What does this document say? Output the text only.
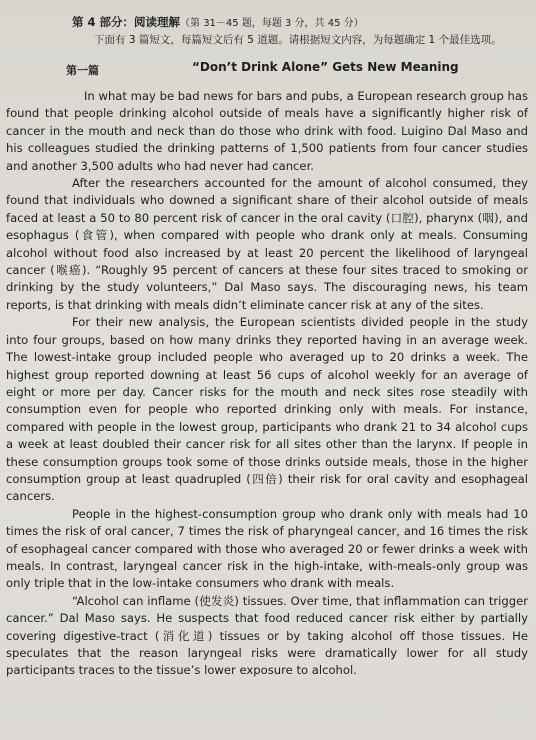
第 4 部分：阅读理解（第 31－45 题，每题 3 分，共 45 分）
下面有 3 篇短文，每篇短文后有 5 道题。请根据短文内容，为每题确定 1 个最佳选项。
第一篇	“Don’t Drink Alone” Gets New Meaning

In what may be bad news for bars and pubs, a European research group has found that people drinking alcohol outside of meals have a significantly higher risk of cancer in the mouth and neck than do those who drink with food. Luigino Dal Maso and his colleagues studied the drinking patterns of 1,500 patients from four cancer studies and another 3,500 adults who had never had cancer.

After the researchers accounted for the amount of alcohol consumed, they found that individuals who downed a significant share of their alcohol outside of meals faced at least a 50 to 80 percent risk of cancer in the oral cavity (口腔), pharynx (咽), and esophagus (食管), when compared with people who drank only at meals. Consuming alcohol without food also increased by at least 20 percent the likelihood of laryngeal cancer (喉癌). “Roughly 95 percent of cancers at these four sites traced to smoking or drinking by the study volunteers,” Dal Maso says. The discouraging news, his team reports, is that drinking with meals didn’t eliminate cancer risk at any of the sites.

For their new analysis, the European scientists divided people in the study into four groups, based on how many drinks they reported having in an average week. The lowest-intake group included people who averaged up to 20 drinks a week. The highest group reported downing at least 56 cups of alcohol weekly for an average of eight or more per day. Cancer risks for the mouth and neck sites rose steadily with consumption even for people who reported drinking only with meals. For instance, compared with people in the lowest group, participants who drank 21 to 34 alcohol cups a week at least doubled their cancer risk for all sites other than the larynx. If people in these consumption groups took some of those drinks outside meals, those in the higher consumption group at least quadrupled (四倍) their risk for oral cavity and esophageal cancers.

People in the highest-consumption group who drank only with meals had 10 times the risk of oral cancer, 7 times the risk of pharyngeal cancer, and 16 times the risk of esophageal cancer compared with those who averaged 20 or fewer drinks a week with meals. In contrast, laryngeal cancer risk in the high-intake, with-meals-only group was only triple that in the low-intake consumers who drank with meals.

“Alcohol can inflame (使发炎) tissues. Over time, that inflammation can trigger cancer.” Dal Maso says. He suspects that food reduced cancer risk either by partially covering digestive-tract (消化道) tissues or by taking alcohol off those tissues. He speculates that the reason laryngeal risks were dramatically lower for all study participants traces to the tissue’s lower exposure to alcohol.
